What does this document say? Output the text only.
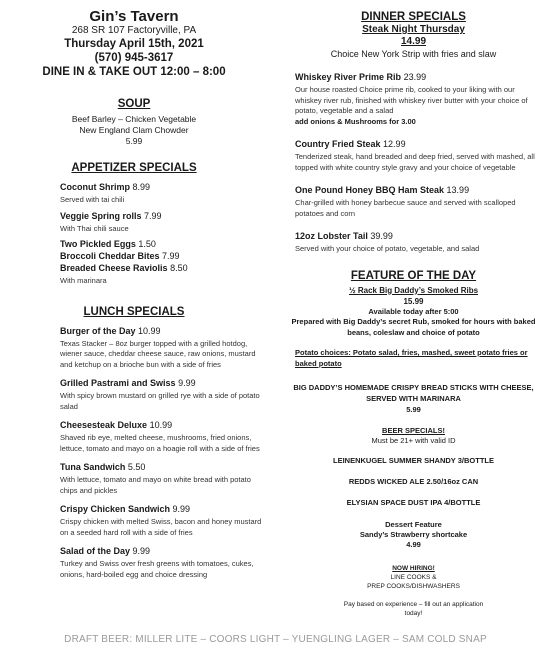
Gin’s Tavern
268 SR 107 Factoryville, PA
Thursday April 15th, 2021
(570) 945-3617
DINE IN & TAKE OUT 12:00 – 8:00
SOUP
Beef Barley – Chicken Vegetable
New England Clam Chowder
5.99
APPETIZER SPECIALS
Coconut Shrimp 8.99
Served with tai chili
Veggie Spring rolls 7.99
With Thai chili sauce
Two Pickled Eggs 1.50
Broccoli Cheddar Bites 7.99
Breaded Cheese Raviolis 8.50
With marinara
LUNCH SPECIALS
Burger of the Day 10.99
Texas Stacker – 8oz burger topped with a grilled hotdog, wiener sauce, cheddar cheese sauce, raw onions, mustard and ketchup on a brioche bun with a side of fries
Grilled Pastrami and Swiss 9.99
With spicy brown mustard on grilled rye with a side of potato salad
Cheesesteak Deluxe 10.99
Shaved rib eye, melted cheese, mushrooms, fried onions, lettuce, tomato and mayo on a hoagie roll with a side of fries
Tuna Sandwich 5.50
With lettuce, tomato and mayo on white bread with potato chips and pickles
Crispy Chicken Sandwich 9.99
Crispy chicken with melted Swiss, bacon and honey mustard on a seeded hard roll with a side of fries
Salad of the Day 9.99
Turkey and Swiss over fresh greens with tomatoes, cukes, onions, hard-boiled egg and choice dressing
DINNER SPECIALS
Steak Night Thursday
14.99
Choice New York Strip with fries and slaw
Whiskey River Prime Rib 23.99
Our house roasted Choice prime rib, cooked to your liking with our whiskey river rub, finished with whiskey river butter with your choice of potato, vegetable and a salad
add onions & Mushrooms for 3.00
Country Fried Steak 12.99
Tenderized steak, hand breaded and deep fried, served with mashed, all topped with white country style gravy and your choice of vegetable
One Pound Honey BBQ Ham Steak 13.99
Char-grilled with honey barbecue sauce and served with scalloped potatoes and corn
12oz Lobster Tail 39.99
Served with your choice of potato, vegetable, and salad
FEATURE OF THE DAY
½ Rack Big Daddy’s Smoked Ribs
15.99
Available today after 5:00
Prepared with Big Daddy’s secret Rub, smoked for hours with baked beans, coleslaw and choice of potato
Potato choices: Potato salad, fries, mashed, sweet potato fries or baked potato
BIG DADDY’S HOMEMADE CRISPY BREAD STICKS WITH CHEESE, SERVED WITH MARINARA
5.99
BEER SPECIALS!
Must be 21+ with valid ID
LEINENKUGEL SUMMER SHANDY 3/BOTTLE
REDDS WICKED ALE 2.50/16oz CAN
ELYSIAN SPACE DUST IPA 4/BOTTLE
Dessert Feature
Sandy’s Strawberry shortcake
4.99
NOW HIRING!
LINE COOKS &
PREP COOKS/DISHWASHERS
Pay based on experience – fill out an application today!
DRAFT BEER: MILLER LITE – COORS LIGHT – YUENGLING LAGER – SAM COLD SNAP
